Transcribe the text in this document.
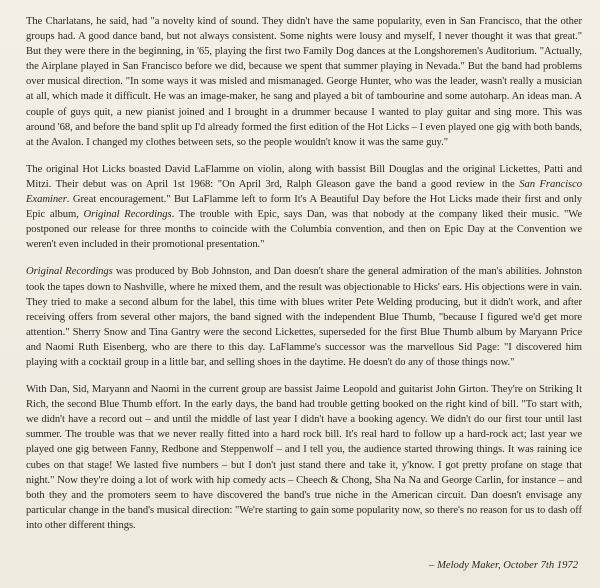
The Charlatans, he said, had "a novelty kind of sound. They didn't have the same popularity, even in San Francisco, that the other groups had. A good dance band, but not always consistent. Some nights were lousy and myself, I never thought it was that great." But they were there in the beginning, in '65, playing the first two Family Dog dances at the Longshoremen's Auditorium. "Actually, the Airplane played in San Francisco before we did, because we spent that summer playing in Nevada." But the band had problems over musical direction. "In some ways it was misled and mismanaged. George Hunter, who was the leader, wasn't really a musician at all, which made it difficult. He was an image-maker, he sang and played a bit of tambourine and some autoharp. An ideas man. A couple of guys quit, a new pianist joined and I brought in a drummer because I wanted to play guitar and sing more. This was around '68, and before the band split up I'd already formed the first edition of the Hot Licks – I even played one gig with both bands, at the Avalon. I changed my clothes between sets, so the people wouldn't know it was the same guy."

The original Hot Licks boasted David LaFlamme on violin, along with bassist Bill Douglas and the original Lickettes, Patti and Mitzi. Their debut was on April 1st 1968: "On April 3rd, Ralph Gleason gave the band a good review in the San Francisco Examiner. Great encouragement." But LaFlamme left to form It's A Beautiful Day before the Hot Licks made their first and only Epic album, Original Recordings. The trouble with Epic, says Dan, was that nobody at the company liked their music. "We postponed our release for three months to coincide with the Columbia convention, and then on Epic Day at the Convention we weren't even included in their promotional presentation."

Original Recordings was produced by Bob Johnston, and Dan doesn't share the general admiration of the man's abilities. Johnston took the tapes down to Nashville, where he mixed them, and the result was objectionable to Hicks' ears. His objections were in vain. They tried to make a second album for the label, this time with blues writer Pete Welding producing, but it didn't work, and after receiving offers from several other majors, the band signed with the independent Blue Thumb, "because I figured we'd get more attention." Sherry Snow and Tina Gantry were the second Lickettes, superseded for the first Blue Thumb album by Maryann Price and Naomi Ruth Eisenberg, who are there to this day. LaFlamme's successor was the marvellous Sid Page: "I discovered him playing with a cocktail group in a little bar, and selling shoes in the daytime. He doesn't do any of those things now."

With Dan, Sid, Maryann and Naomi in the current group are bassist Jaime Leopold and guitarist John Girton. They're on Striking It Rich, the second Blue Thumb effort. In the early days, the band had trouble getting booked on the right kind of bill. "To start with, we didn't have a record out – and until the middle of last year I didn't have a booking agency. We didn't do our first tour until last summer. The trouble was that we never really fitted into a hard rock bill. It's real hard to follow up a hard-rock act; last year we played one gig between Fanny, Redbone and Steppenwolf – and I tell you, the audience started throwing things. It was raining ice cubes on that stage! We lasted five numbers – but I don't just stand there and take it, y'know. I got pretty profane on stage that night." Now they're doing a lot of work with hip comedy acts – Cheech & Chong, Sha Na Na and George Carlin, for instance – and both they and the promoters seem to have discovered the band's true niche in the American circuit. Dan doesn't envisage any particular change in the band's musical direction: "We're starting to gain some popularity now, so there's no reason for us to dash off into other different things.

– Melody Maker, October 7th 1972
